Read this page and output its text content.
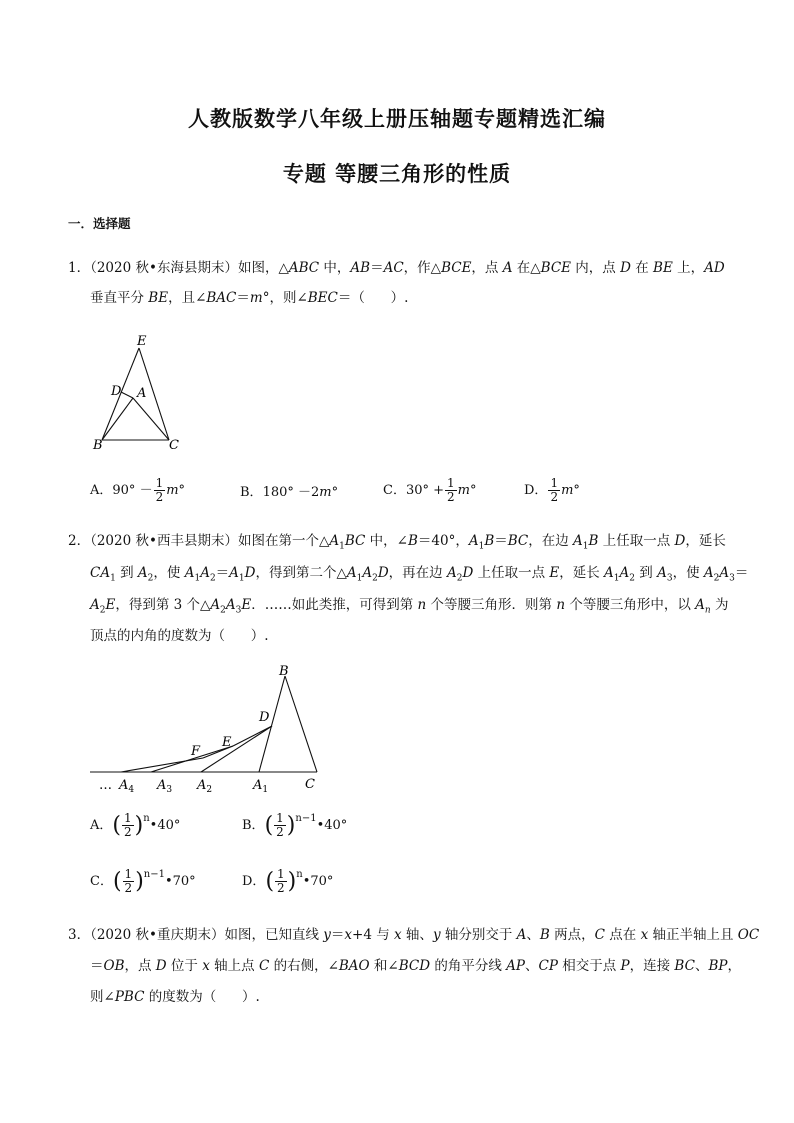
人教版数学八年级上册压轴题专题精选汇编
专题 等腰三角形的性质
一．选择题
1．（2020 秋•东海县期末）如图，△ABC 中，AB＝AC，作△BCE，点 A 在△BCE 内，点 D 在 BE 上，AD
垂直平分 BE，且∠BAC＝m°，则∠BEC＝（      ）.
E
D A
B	C
A．$90^\circ - \frac{1}{2} m^\circ$	B．180° －2m°	C．$30^\circ + \frac{1}{2} m^\circ$	D． $\frac{1}{2} m^\circ$
2．（2020 秋•西丰县期末）如图在第一个$\triangle A_1BC$ 中，∠B＝40°，$A_1B=BC$，在边 $A_1B$ 上任取一点 D，延长
$CA_1$ 到 $A_2$，使 $A_1A_2=A_1D$，得到第二个$\triangle A_1A_2D$，再在边 $A_2D$ 上任取一点 E，延长 $A_1A_2$ 到 $A_3$，使 $A_2A_3=$
$A_2E$，得到第 3 个$\triangle A_2A_3E$．……如此类推，可得到第 n 个等腰三角形．则第 n 个等腰三角形中，以 $A_n$ 为
顶点的内角的度数为（      ）.
B
D
E
F
… $A_4$ $A_3$ $A_2$	$A_1$	C
A．( $\frac{1}{2}$ )$^n$•40°	B．( $\frac{1}{2}$ )$^{n-1}$•40°
C．( $\frac{1}{2}$ )$^{n-1}$•70°	D．( $\frac{1}{2}$ )$^n$•70°
3．（2020 秋•重庆期末）如图，已知直线 y＝x+4 与 x 轴、y 轴分别交于 A、B 两点，C 点在 x 轴正半轴上且 OC
＝OB，点 D 位于 x 轴上点 C 的右侧，∠BAO 和∠BCD 的角平分线 AP、CP 相交于点 P，连接 BC、BP，
则∠PBC 的度数为（      ）.
